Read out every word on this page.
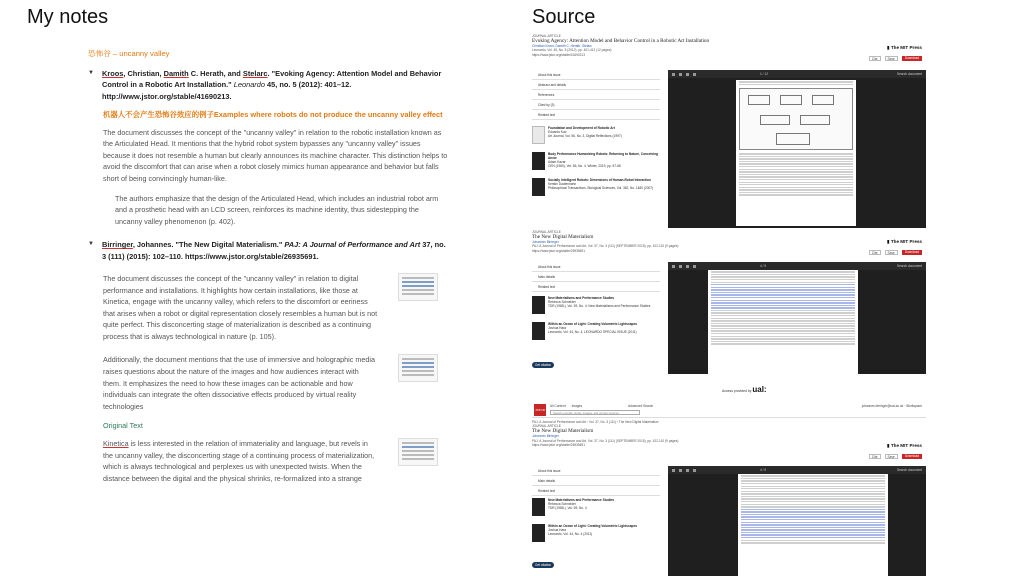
My notes	Source
恐怖谷 – uncanny valley
▼ Kroos, Christian, Damith C. Herath, and Stelarc. "Evoking Agency: Attention Model and Behavior Control in a Robotic Art Installation." Leonardo 45, no. 5 (2012): 401–12. http://www.jstor.org/stable/41690213.
机器人不会产生恐怖谷效应的例子Examples where robots do not produce the uncanny valley effect
The document discusses the concept of the "uncanny valley" in relation to the robotic installation known as the Articulated Head. It mentions that the hybrid robot system bypasses any "uncanny valley" issues because it does not resemble a human but clearly announces its machine character. This distinction helps to avoid the discomfort that can arise when a robot closely mimics human appearance and behavior but falls short of being convincingly human-like.
The authors emphasize that the design of the Articulated Head, which includes an industrial robot arm and a prosthetic head with an LCD screen, reinforces its machine identity, thus sidestepping the uncanny valley phenomenon (p. 402).
▼ Birringer, Johannes. "The New Digital Materialism." PAJ: A Journal of Performance and Art 37, no. 3 (111) (2015): 102–110. https://www.jstor.org/stable/26935691.
The document discusses the concept of the "uncanny valley" in relation to digital performance and installations. It highlights how certain installations, like those at Kinetica, engage with the uncanny valley, which refers to the discomfort or eeriness that arises when a robot or digital representation closely resembles a human but is not quite perfect. This disconcerting stage of materialization is described as a continuing process that is always technological in nature (p. 105).
Additionally, the document mentions that the use of immersive and holographic media raises questions about the nature of the images and how audiences interact with them. It emphasizes the need to how these images can be actionable and how individuals can integrate the often dissociative effects produced by virtual reality technologies
Original Text
Kinetica is less interested in the relation of immateriality and language, but revels in
the uncanny valley, the disconcerting stage of a continuing process of materialization,
which is always technological and perplexes us with unexpected twists. When the
distance between the digital and the physical shrinks, re-formalized into a strange
JOURNAL ARTICLE
Evoking Agency: Attention Model and Behavior Control in a Robotic Art Installation
Christian Kroos, Damith C. Herath, Stelarc
Leonardo, Vol. 45, No. 5 (2012), pp. 401-412 (12 pages)
https://www.jstor.org/stable/41690213
▮ The MIT Press
Cite	Save	Download
About this issue
Abstract and details
References
Cited by (3)
Related text
Foundation and Development of Robotic Art
Eduardo Kac
Art Journal, Vol. 56, No. 3, Digital Reflections (1997)
Body Performance Humanizing Robots: Returning to Nature, Conceiving Anew
Adam Kazar
CEN (1960), Vol. 56, No. 4, Winter, 2019, pp. 57-68
Socially Intelligent Robots: Dimensions of Human-Robot Interaction
Kerstin Dautenhahn
Philosophical Transactions, Biological Sciences, Vol. 362, No. 1480 (2007)
1 / 12	Search document
JOURNAL ARTICLE
The New Digital Materialism
Johannes Birringer
PAJ: A Journal of Performance and Art, Vol. 37, No. 3 (111) (SEPTEMBER 2015), pp. 102-110 (9 pages)
https://www.jstor.org/stable/26935691
▮ The MIT Press
Cite	Save	Download
About this issue
Main details
Related text
New Materialisms and Performance Studies
Rebecca Schneider
TDR (1988-), Vol. 59, No. 4: New Materialisms and Performance Studies
Within an Ocean of Light: Creating Volumetric Lightscapes
Joshua Hara
Leonardo, Vol. 44, No. 4, LEONARDO SPECIAL ISSUE (2011)
Get citation
4 / 9	Search document
Access provided by ual:
JSTOR
All Content Images	Advanced Search
Search journals, books, images, and primary sources
johannes.birringer@ual.ac.uk · Workspace
PAJ: A Journal of Performance and Art › Vol. 37, No. 3 (111) › The New Digital Materialism
JOURNAL ARTICLE
The New Digital Materialism
Johannes Birringer
PAJ: A Journal of Performance and Art, Vol. 37, No. 3 (111) (SEPTEMBER 2015), pp. 102-110 (9 pages)
https://www.jstor.org/stable/26935691	▮ The MIT Press
Cite	Save	Download
About this issue
Main details
Related text
New Materialisms and Performance Studies
Rebecca Schneider
TDR (1988-), Vol. 59, No. 4
Within an Ocean of Light: Creating Volumetric Lightscapes
Joshua Hara
Leonardo, Vol. 44, No. 4 (2011)
Get citation
4 / 9	Search document
